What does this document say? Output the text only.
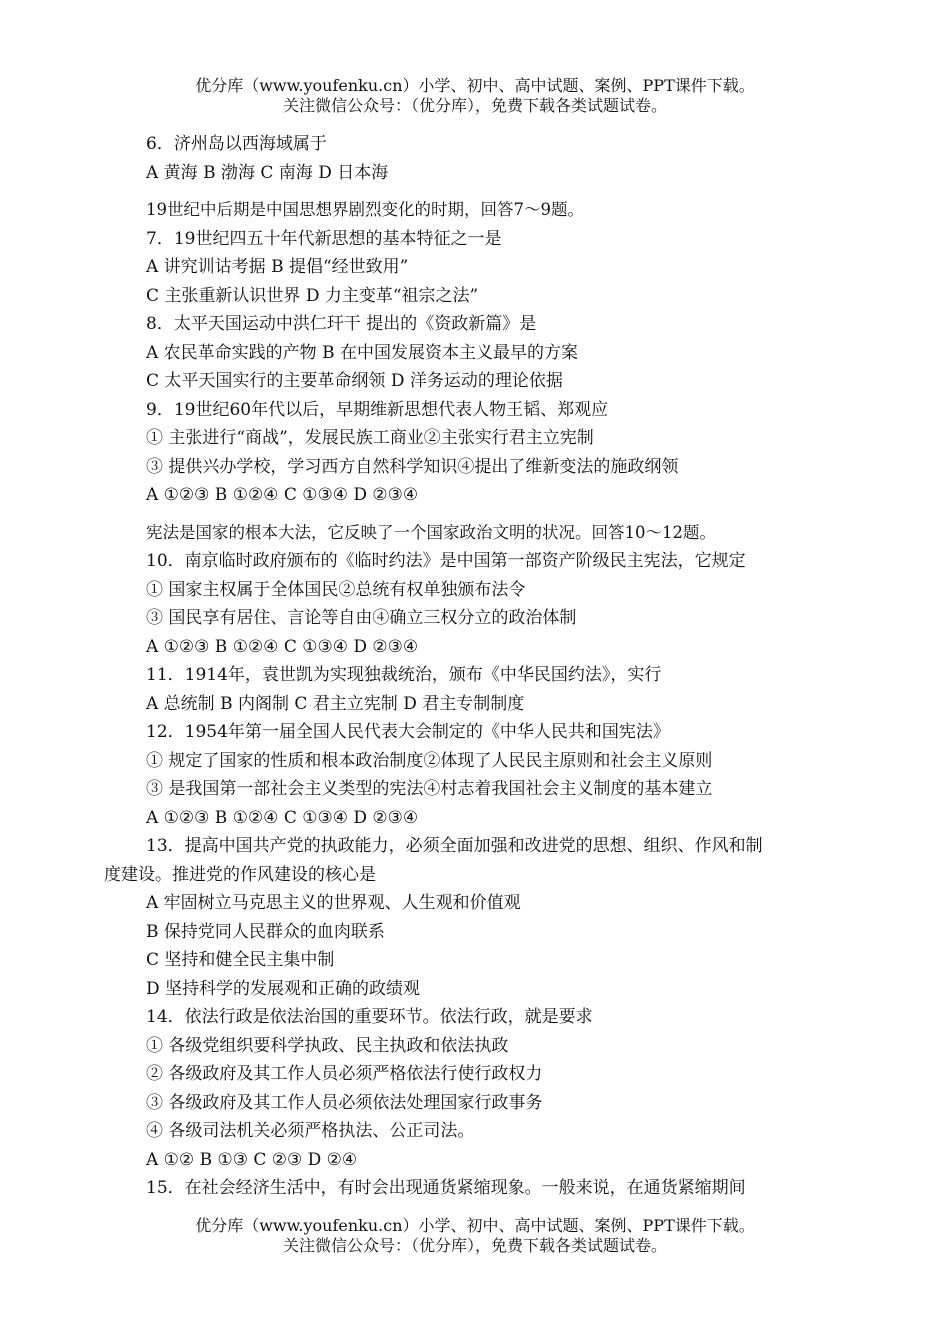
优分库（www.youfenku.cn）小学、初中、高中试题、案例、PPT课件下载。
关注微信公众号：（优分库），免费下载各类试题试卷。
6．济州岛以西海域属于
A 黄海 B 渤海 C 南海 D 日本海
19世纪中后期是中国思想界剧烈变化的时期，回答7～9题。
7．19世纪四五十年代新思想的基本特征之一是
A 讲究训诂考据 B 提倡“经世致用”
C 主张重新认识世界 D 力主变革“祖宗之法”
8．太平天国运动中洪仁玕干 提出的《资政新篇》是
A 农民革命实践的产物 B 在中国发展资本主义最早的方案
C 太平天国实行的主要革命纲领 D 洋务运动的理论依据
9．19世纪60年代以后，早期维新思想代表人物王韬、郑观应
① 主张进行“商战”，发展民族工商业②主张实行君主立宪制
③ 提供兴办学校，学习西方自然科学知识④提出了维新变法的施政纲领
A ①②③ B ①②④ C ①③④ D ②③④
宪法是国家的根本大法，它反映了一个国家政治文明的状况。回答10～12题。
10．南京临时政府颁布的《临时约法》是中国第一部资产阶级民主宪法，它规定
① 国家主权属于全体国民②总统有权单独颁布法令
③ 国民享有居住、言论等自由④确立三权分立的政治体制
A ①②③ B ①②④ C ①③④ D ②③④
11．1914年，袁世凯为实现独裁统治，颁布《中华民国约法》，实行
A 总统制 B 内阁制 C 君主立宪制 D 君主专制制度
12．1954年第一届全国人民代表大会制定的《中华人民共和国宪法》
① 规定了国家的性质和根本政治制度②体现了人民民主原则和社会主义原则
③ 是我国第一部社会主义类型的宪法④村志着我国社会主义制度的基本建立
A ①②③ B ①②④ C ①③④ D ②③④
13．提高中国共产党的执政能力，必须全面加强和改进党的思想、组织、作风和制
度建设。推进党的作风建设的核心是
A 牢固树立马克思主义的世界观、人生观和价值观
B 保持党同人民群众的血肉联系
C 坚持和健全民主集中制
D 坚持科学的发展观和正确的政绩观
14．依法行政是依法治国的重要环节。依法行政，就是要求
① 各级党组织要科学执政、民主执政和依法执政
② 各级政府及其工作人员必须严格依法行使行政权力
③ 各级政府及其工作人员必须依法处理国家行政事务
④ 各级司法机关必须严格执法、公正司法。
A ①② B ①③ C ②③ D ②④
15．在社会经济生活中，有时会出现通货紧缩现象。一般来说，在通货紧缩期间
优分库（www.youfenku.cn）小学、初中、高中试题、案例、PPT课件下载。
关注微信公众号：（优分库），免费下载各类试题试卷。
